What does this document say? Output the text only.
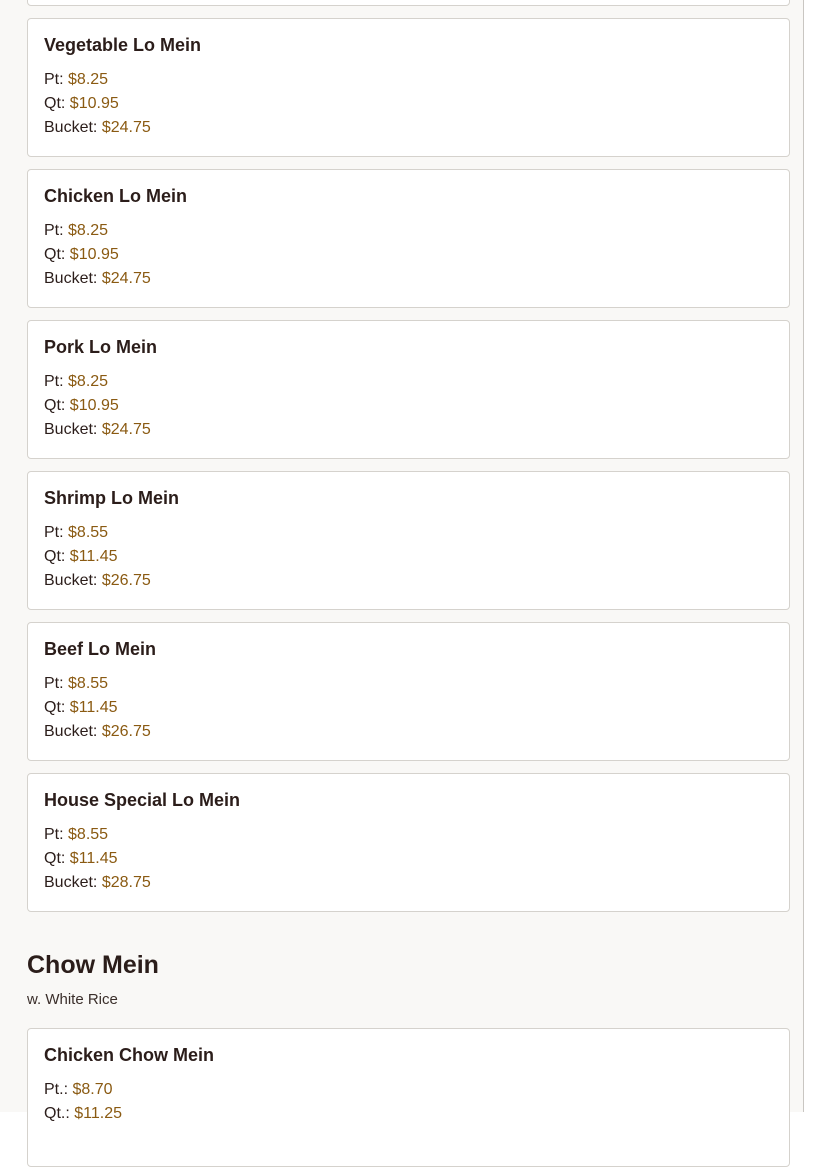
Vegetable Lo Mein
Pt: $8.25
Qt: $10.95
Bucket: $24.75
Chicken Lo Mein
Pt: $8.25
Qt: $10.95
Bucket: $24.75
Pork Lo Mein
Pt: $8.25
Qt: $10.95
Bucket: $24.75
Shrimp Lo Mein
Pt: $8.55
Qt: $11.45
Bucket: $26.75
Beef Lo Mein
Pt: $8.55
Qt: $11.45
Bucket: $26.75
House Special Lo Mein
Pt: $8.55
Qt: $11.45
Bucket: $28.75
Chow Mein
w. White Rice
Chicken Chow Mein
Pt.: $8.70
Qt.: $11.25
